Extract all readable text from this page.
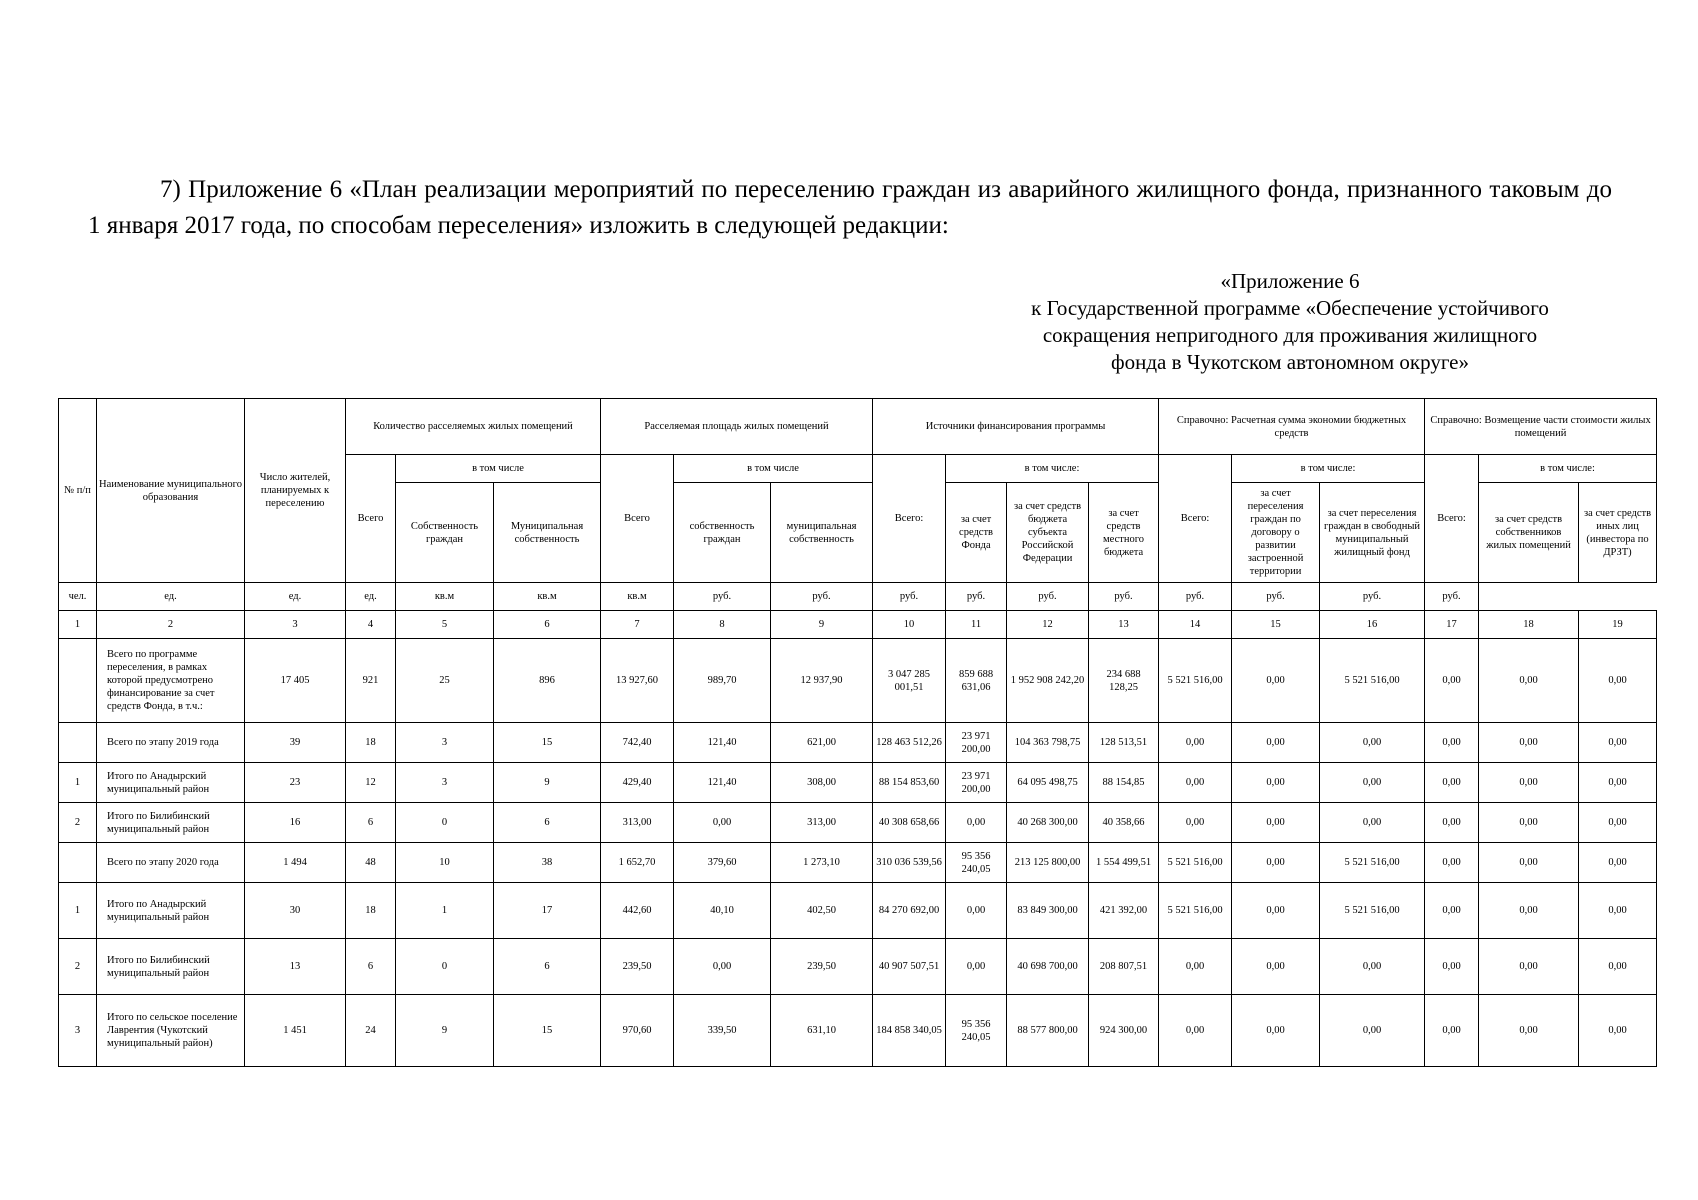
7) Приложение 6 «План реализации мероприятий по переселению граждан из аварийного жилищного фонда, признанного таковым до 1 января 2017 года, по способам переселения» изложить в следующей редакции:
«Приложение 6
к Государственной программе «Обеспечение устойчивого
сокращения непригодного для проживания жилищного
фонда в Чукотском автономном округе»
№ п/п	Наименование муниципального образования	Число жителей, планируемых к переселению	Количество расселяемых жилых помещений			Расселяемая площадь жилых помещений			Источники финансирования программы				Справочно: Расчетная сумма экономии бюджетных средств			Справочно: Возмещение части стоимости жилых помещений		
			Всего	в том числе		Всего	в том числе		Всего:	в том числе:			Всего:	в том числе:		Всего:	в том числе:	
				Собственность граждан	Муниципальная собственность		собственность граждан	муниципальная собственность		за счет средств Фонда	за счет средств бюджета субъекта Российской Федерации	за счет средств местного бюджета		за счет переселения граждан по договору о развитии застроенной территории	за счет переселения граждан в свободный муниципальный жилищный фонд		за счет средств собственников жилых помещений	за счет средств иных лиц (инвестора по ДРЗТ)
чел.	ед.	ед.	ед.	кв.м	кв.м	кв.м	руб.	руб.	руб.	руб.	руб.	руб.	руб.	руб.	руб.	руб.		
1	2	3	4	5	6	7	8	9	10	11	12	13	14	15	16	17	18	19
	Всего по программе переселения, в рамках которой предусмотрено финансирование за счет средств Фонда, в т.ч.:	17 405	921	25	896	13 927,60	989,70	12 937,90	3 047 285 001,51	859 688 631,06	1 952 908 242,20	234 688 128,25	5 521 516,00	0,00	5 521 516,00	0,00	0,00	0,00
	Всего по этапу 2019 года	39	18	3	15	742,40	121,40	621,00	128 463 512,26	23 971 200,00	104 363 798,75	128 513,51	0,00	0,00	0,00	0,00	0,00	0,00
1	Итого по Анадырский муниципальный район	23	12	3	9	429,40	121,40	308,00	88 154 853,60	23 971 200,00	64 095 498,75	88 154,85	0,00	0,00	0,00	0,00	0,00	0,00
2	Итого по Билибинский муниципальный район	16	6	0	6	313,00	0,00	313,00	40 308 658,66	0,00	40 268 300,00	40 358,66	0,00	0,00	0,00	0,00	0,00	0,00
	Всего по этапу 2020 года	1 494	48	10	38	1 652,70	379,60	1 273,10	310 036 539,56	95 356 240,05	213 125 800,00	1 554 499,51	5 521 516,00	0,00	5 521 516,00	0,00	0,00	0,00
1	Итого по Анадырский муниципальный район	30	18	1	17	442,60	40,10	402,50	84 270 692,00	0,00	83 849 300,00	421 392,00	5 521 516,00	0,00	5 521 516,00	0,00	0,00	0,00
2	Итого по Билибинский муниципальный район	13	6	0	6	239,50	0,00	239,50	40 907 507,51	0,00	40 698 700,00	208 807,51	0,00	0,00	0,00	0,00	0,00	0,00
3	Итого по сельское поселение Лаврентия (Чукотский муниципальный район)	1 451	24	9	15	970,60	339,50	631,10	184 858 340,05	95 356 240,05	88 577 800,00	924 300,00	0,00	0,00	0,00	0,00	0,00	0,00
